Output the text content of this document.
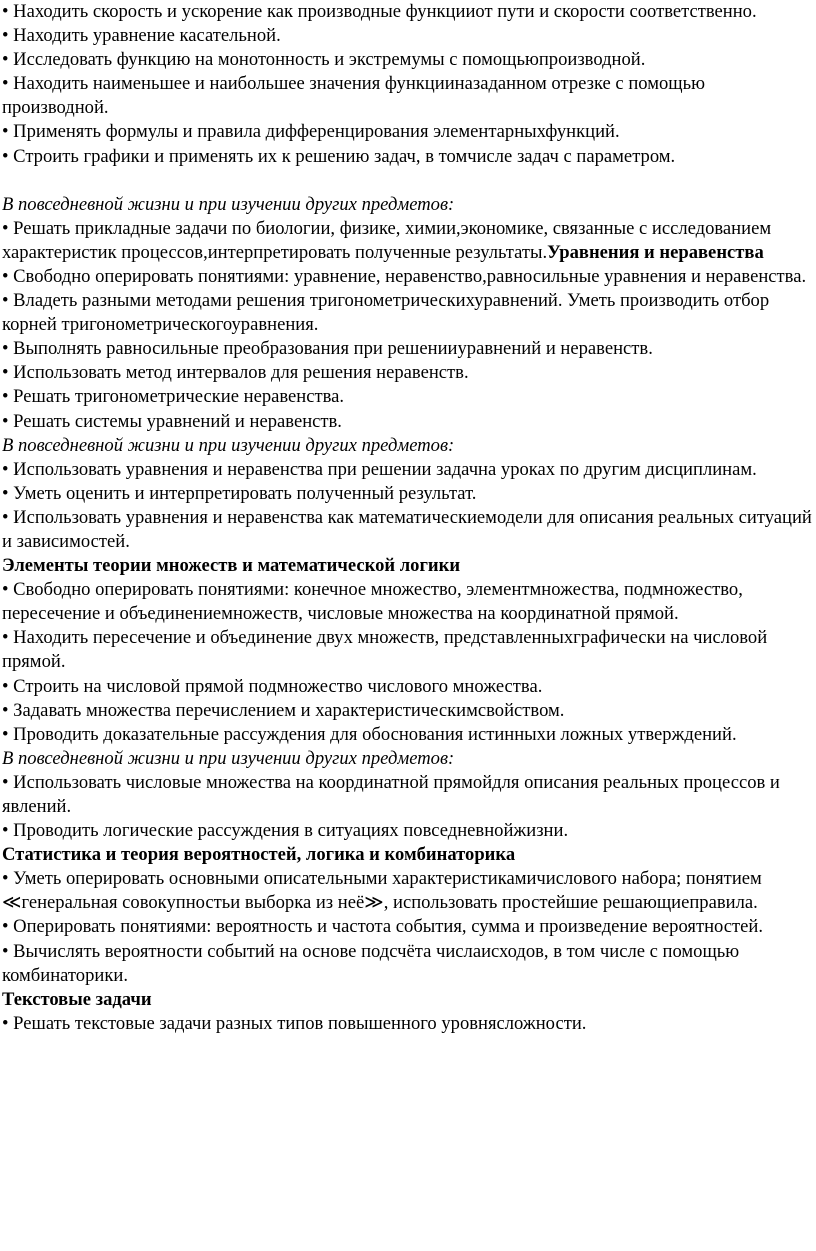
• Находить скорость и ускорение как производные функцииот пути и скорости соответственно.

• Находить уравнение касательной.

• Исследовать функцию на монотонность и экстремумы с помощьюпроизводной.

• Находить наименьшее и наибольшее значения функцииназаданном отрезке с помощью производной.

• Применять формулы и правила дифференцирования элементарныхфункций.

• Строить графики и применять их к решению задач, в томчисле задач с параметром.

В повседневной жизни и при изучении других предметов:

• Решать прикладные задачи по биологии, физике, химии,экономике, связанные с исследованием характеристик процессов,интерпретировать полученные результаты.Уравнения и неравенства

• Свободно оперировать понятиями: уравнение, неравенство,равносильные уравнения и неравенства.

• Владеть разными методами решения тригонометрическихуравнений. Уметь производить отбор корней тригонометрическогоуравнения.

• Выполнять равносильные преобразования при решенииуравнений и неравенств.

• Использовать метод интервалов для решения неравенств.

• Решать тригонометрические неравенства.

• Решать системы уравнений и неравенств.

В повседневной жизни и при изучении других предметов:

• Использовать уравнения и неравенства при решении задачна уроках по другим дисциплинам.

• Уметь оценить и интерпретировать полученный результат.

• Использовать уравнения и неравенства как математическиемодели для описания реальных ситуаций и зависимостей.

Элементы теории множеств и математической логики

• Свободно оперировать понятиями: конечное множество, элементмножества, подмножество, пересечение и объединениемножеств, числовые множества на координатной прямой.

• Находить пересечение и объединение двух множеств, представленныхграфически на числовой прямой.

• Строить на числовой прямой подмножество числового множества.

• Задавать множества перечислением и характеристическимсвойством.

• Проводить доказательные рассуждения для обоснования истинныхи ложных утверждений.

В повседневной жизни и при изучении других предметов:

• Использовать числовые множества на координатной прямойдля описания реальных процессов и явлений.

• Проводить логические рассуждения в ситуациях повседневнойжизни.

Статистика и теория вероятностей, логика и комбинаторика

• Уметь оперировать основными описательными характеристикамичислового набора; понятием ≪генеральная совокупностьи выборка из неё≫, использовать простейшие решающиеправила.

• Оперировать понятиями: вероятность и частота события, сумма и произведение вероятностей.

• Вычислять вероятности событий на основе подсчёта числаисходов, в том числе с помощью комбинаторики.

Текстовые задачи

• Решать текстовые задачи разных типов повышенного уровнясложности.
